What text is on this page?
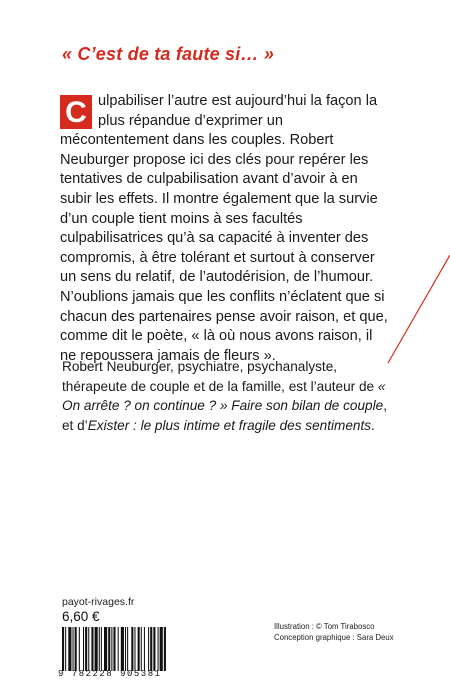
« C’est de ta faute si… »

C ulpabiliser l’autre est aujourd’hui la façon la plus répandue d’exprimer un mécontentement dans les couples. Robert Neuburger propose ici des clés pour repérer les tentatives de culpabilisation avant d’avoir à en subir les effets. Il montre également que la survie d’un couple tient moins à ses facultés culpabilisatrices qu’à sa capacité à inventer des compromis, à être tolérant et surtout à conserver un sens du relatif, de l’autodérision, de l’humour. N’oublions jamais que les conflits n’éclatent que si chacun des partenaires pense avoir raison, et que, comme dit le poète, « là où nous avons raison, il ne repoussera jamais de fleurs ».

Robert Neuburger, psychiatre, psychanalyste, thérapeute de couple et de la famille, est l’auteur de « On arrête ? on continue ? » Faire son bilan de couple, et d’Exister : le plus intime et fragile des sentiments.

payot-rivages.fr
6,60 €
Illustration : © Tom Tirabosco
Conception graphique : Sara Deux
9 782228 905381
